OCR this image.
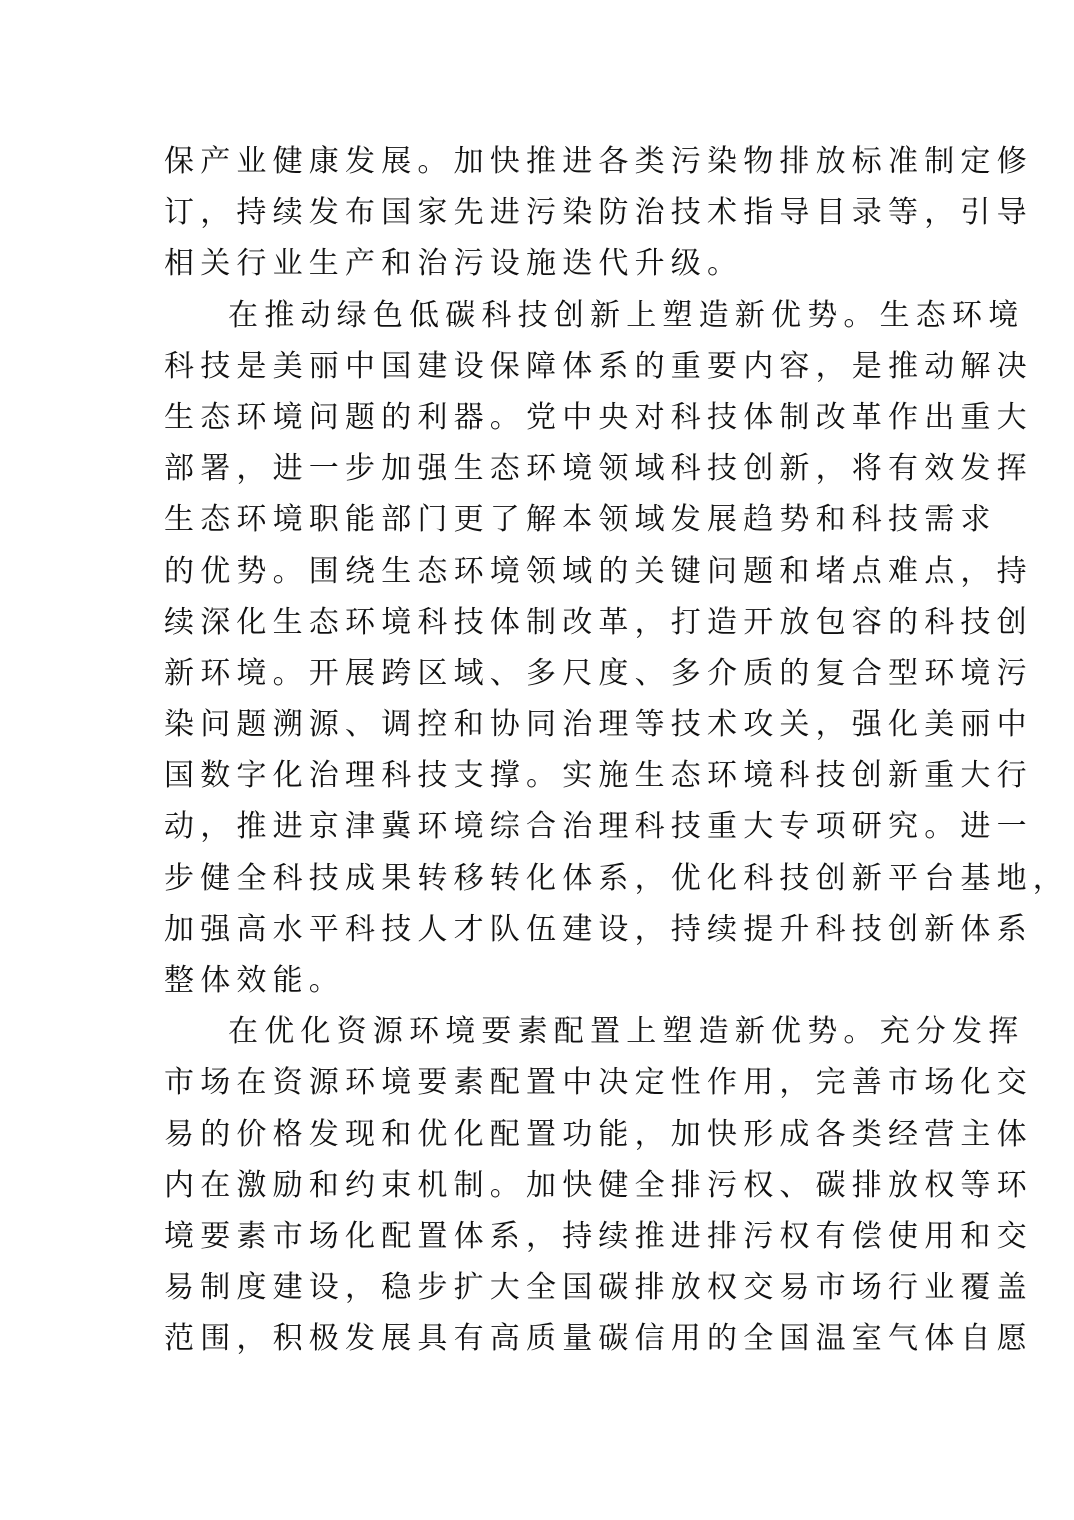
保产业健康发展。加快推进各类污染物排放标准制定修
订，持续发布国家先进污染防治技术指导目录等，引导
相关行业生产和治污设施迭代升级。
在推动绿色低碳科技创新上塑造新优势。生态环境
科技是美丽中国建设保障体系的重要内容，是推动解决
生态环境问题的利器。党中央对科技体制改革作出重大
部署，进一步加强生态环境领域科技创新，将有效发挥
生态环境职能部门更了解本领域发展趋势和科技需求
的优势。围绕生态环境领域的关键问题和堵点难点，持
续深化生态环境科技体制改革，打造开放包容的科技创
新环境。开展跨区域、多尺度、多介质的复合型环境污
染问题溯源、调控和协同治理等技术攻关，强化美丽中
国数字化治理科技支撑。实施生态环境科技创新重大行
动，推进京津冀环境综合治理科技重大专项研究。进一
步健全科技成果转移转化体系，优化科技创新平台基地，
加强高水平科技人才队伍建设，持续提升科技创新体系
整体效能。
在优化资源环境要素配置上塑造新优势。充分发挥
市场在资源环境要素配置中决定性作用，完善市场化交
易的价格发现和优化配置功能，加快形成各类经营主体
内在激励和约束机制。加快健全排污权、碳排放权等环
境要素市场化配置体系，持续推进排污权有偿使用和交
易制度建设，稳步扩大全国碳排放权交易市场行业覆盖
范围，积极发展具有高质量碳信用的全国温室气体自愿
